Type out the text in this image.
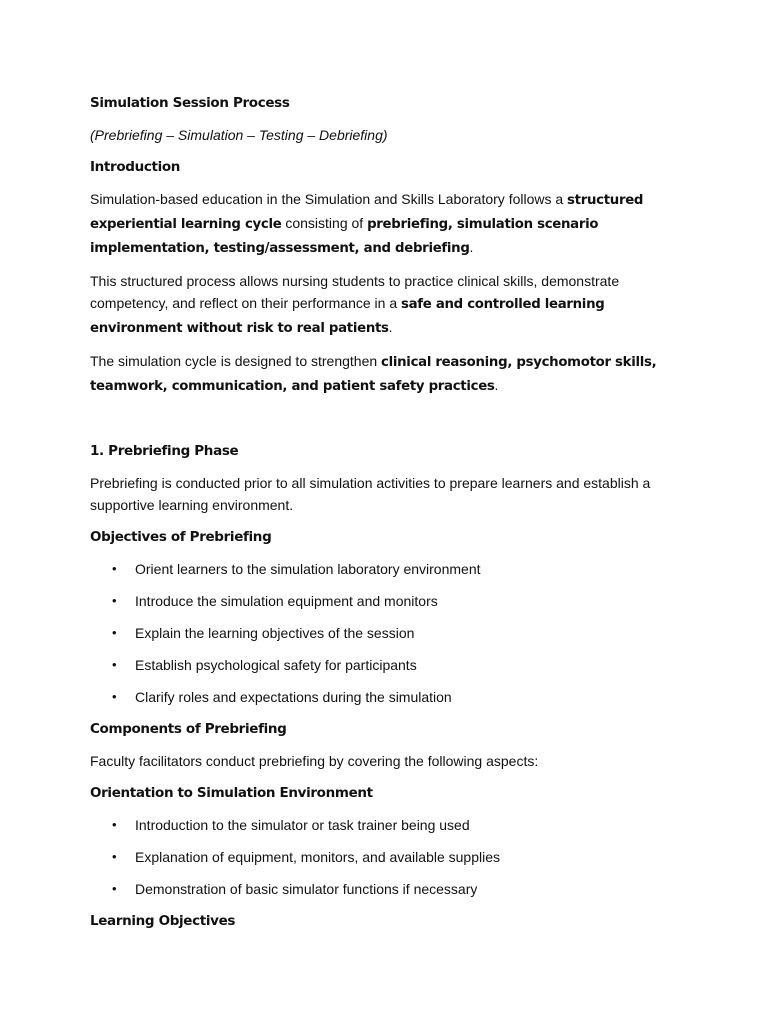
Simulation Session Process
(Prebriefing – Simulation – Testing – Debriefing)
Introduction

Simulation-based education in the Simulation and Skills Laboratory follows a structured experiential learning cycle consisting of prebriefing, simulation scenario implementation, testing/assessment, and debriefing.

This structured process allows nursing students to practice clinical skills, demonstrate competency, and reflect on their performance in a safe and controlled learning environment without risk to real patients.

The simulation cycle is designed to strengthen clinical reasoning, psychomotor skills, teamwork, communication, and patient safety practices.

1. Prebriefing Phase

Prebriefing is conducted prior to all simulation activities to prepare learners and establish a supportive learning environment.

Objectives of Prebriefing
• Orient learners to the simulation laboratory environment
• Introduce the simulation equipment and monitors
• Explain the learning objectives of the session
• Establish psychological safety for participants
• Clarify roles and expectations during the simulation
Components of Prebriefing

Faculty facilitators conduct prebriefing by covering the following aspects:

Orientation to Simulation Environment
• Introduction to the simulator or task trainer being used
• Explanation of equipment, monitors, and available supplies
• Demonstration of basic simulator functions if necessary
Learning Objectives
